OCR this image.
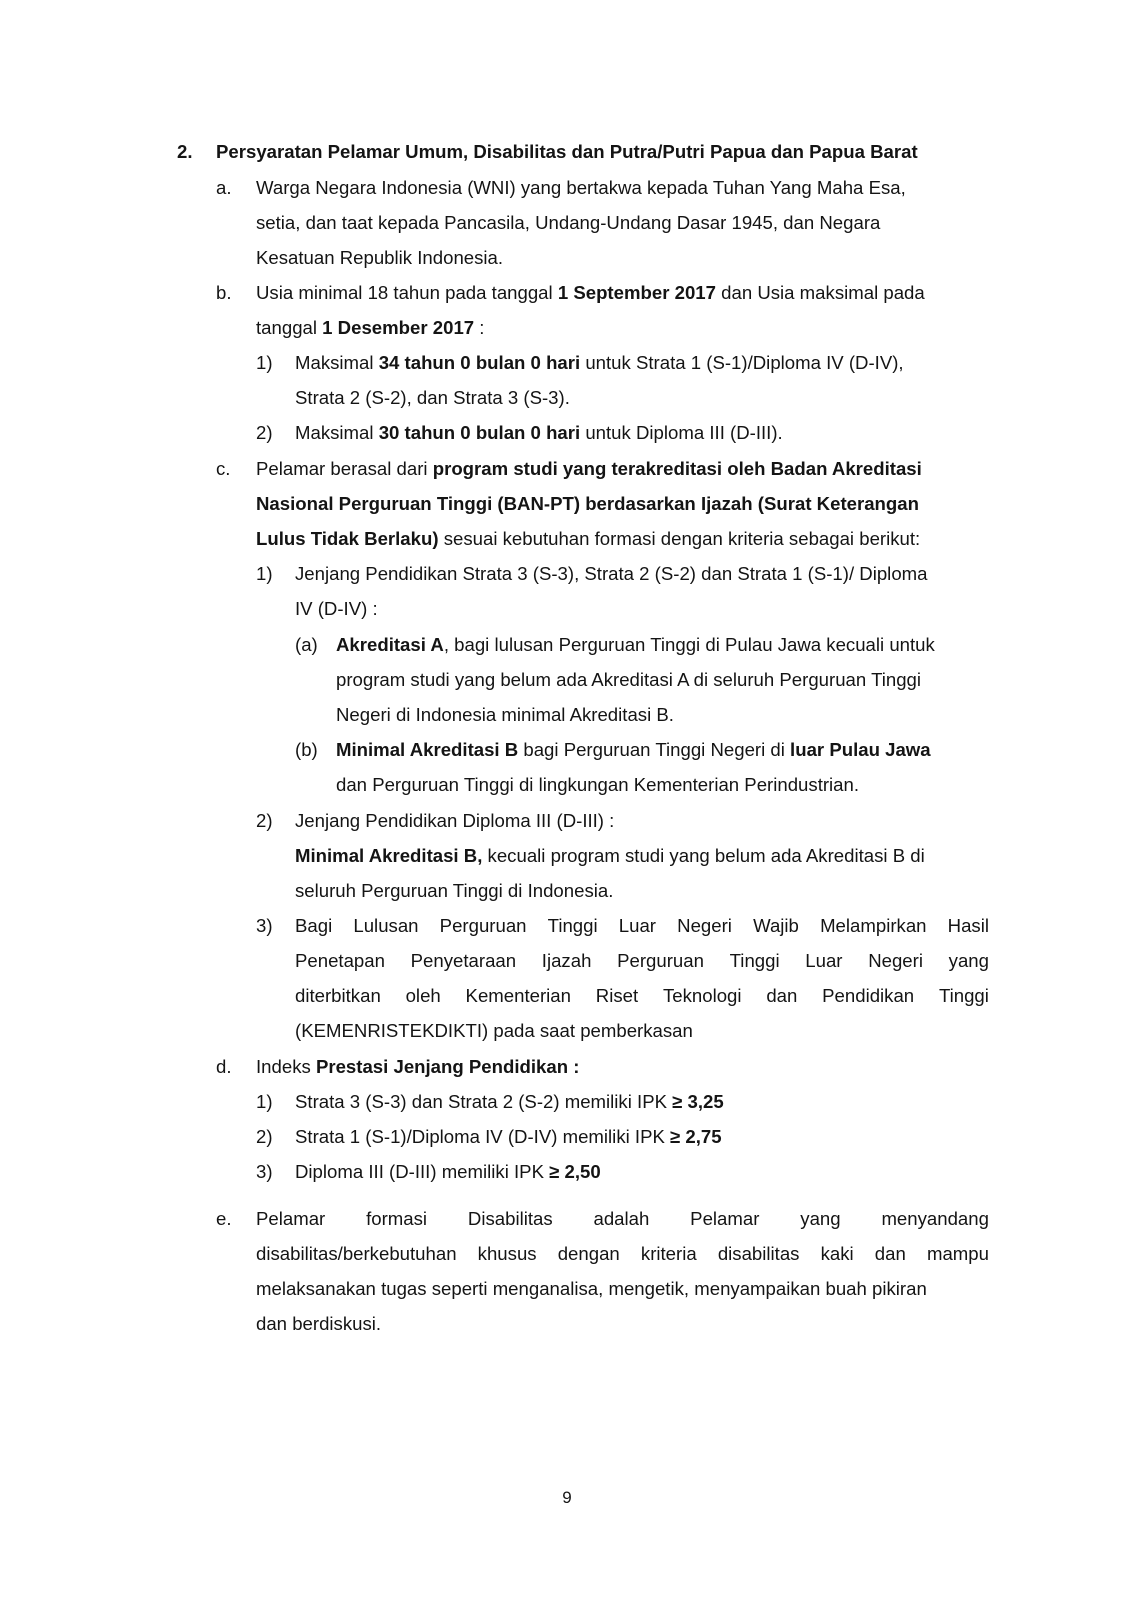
2. Persyaratan Pelamar Umum, Disabilitas dan Putra/Putri Papua dan Papua Barat
a. Warga Negara Indonesia (WNI) yang bertakwa kepada Tuhan Yang Maha Esa,
setia, dan taat kepada Pancasila, Undang-Undang Dasar 1945, dan Negara
Kesatuan Republik Indonesia.
b. Usia minimal 18 tahun pada tanggal 1 September 2017 dan Usia maksimal pada
tanggal 1 Desember 2017 :
1) Maksimal 34 tahun 0 bulan 0 hari untuk Strata 1 (S-1)/Diploma IV (D-IV),
Strata 2 (S-2), dan Strata 3 (S-3).
2) Maksimal 30 tahun 0 bulan 0 hari untuk Diploma III (D-III).
c. Pelamar berasal dari program studi yang terakreditasi oleh Badan Akreditasi
Nasional Perguruan Tinggi (BAN-PT) berdasarkan Ijazah (Surat Keterangan
Lulus Tidak Berlaku) sesuai kebutuhan formasi dengan kriteria sebagai berikut:
1) Jenjang Pendidikan Strata 3 (S-3), Strata 2 (S-2) dan Strata 1 (S-1)/ Diploma
IV (D-IV) :
(a) Akreditasi A, bagi lulusan Perguruan Tinggi di Pulau Jawa kecuali untuk
program studi yang belum ada Akreditasi A di seluruh Perguruan Tinggi
Negeri di Indonesia minimal Akreditasi B.
(b) Minimal Akreditasi B bagi Perguruan Tinggi Negeri di luar Pulau Jawa
dan Perguruan Tinggi di lingkungan Kementerian Perindustrian.
2) Jenjang Pendidikan Diploma III (D-III) :
Minimal Akreditasi B, kecuali program studi yang belum ada Akreditasi B di
seluruh Perguruan Tinggi di Indonesia.
3) Bagi Lulusan Perguruan Tinggi Luar Negeri Wajib Melampirkan Hasil
Penetapan Penyetaraan Ijazah Perguruan Tinggi Luar Negeri yang
diterbitkan oleh Kementerian Riset Teknologi dan Pendidikan Tinggi
(KEMENRISTEKDIKTI) pada saat pemberkasan
d. Indeks Prestasi Jenjang Pendidikan :
1) Strata 3 (S-3) dan Strata 2 (S-2) memiliki IPK ≥ 3,25
2) Strata 1 (S-1)/Diploma IV (D-IV) memiliki IPK ≥ 2,75
3) Diploma III (D-III) memiliki IPK ≥ 2,50
e. Pelamar formasi Disabilitas adalah Pelamar yang menyandang
disabilitas/berkebutuhan khusus dengan kriteria disabilitas kaki dan mampu
melaksanakan tugas seperti menganalisa, mengetik, menyampaikan buah pikiran
dan berdiskusi.
9
